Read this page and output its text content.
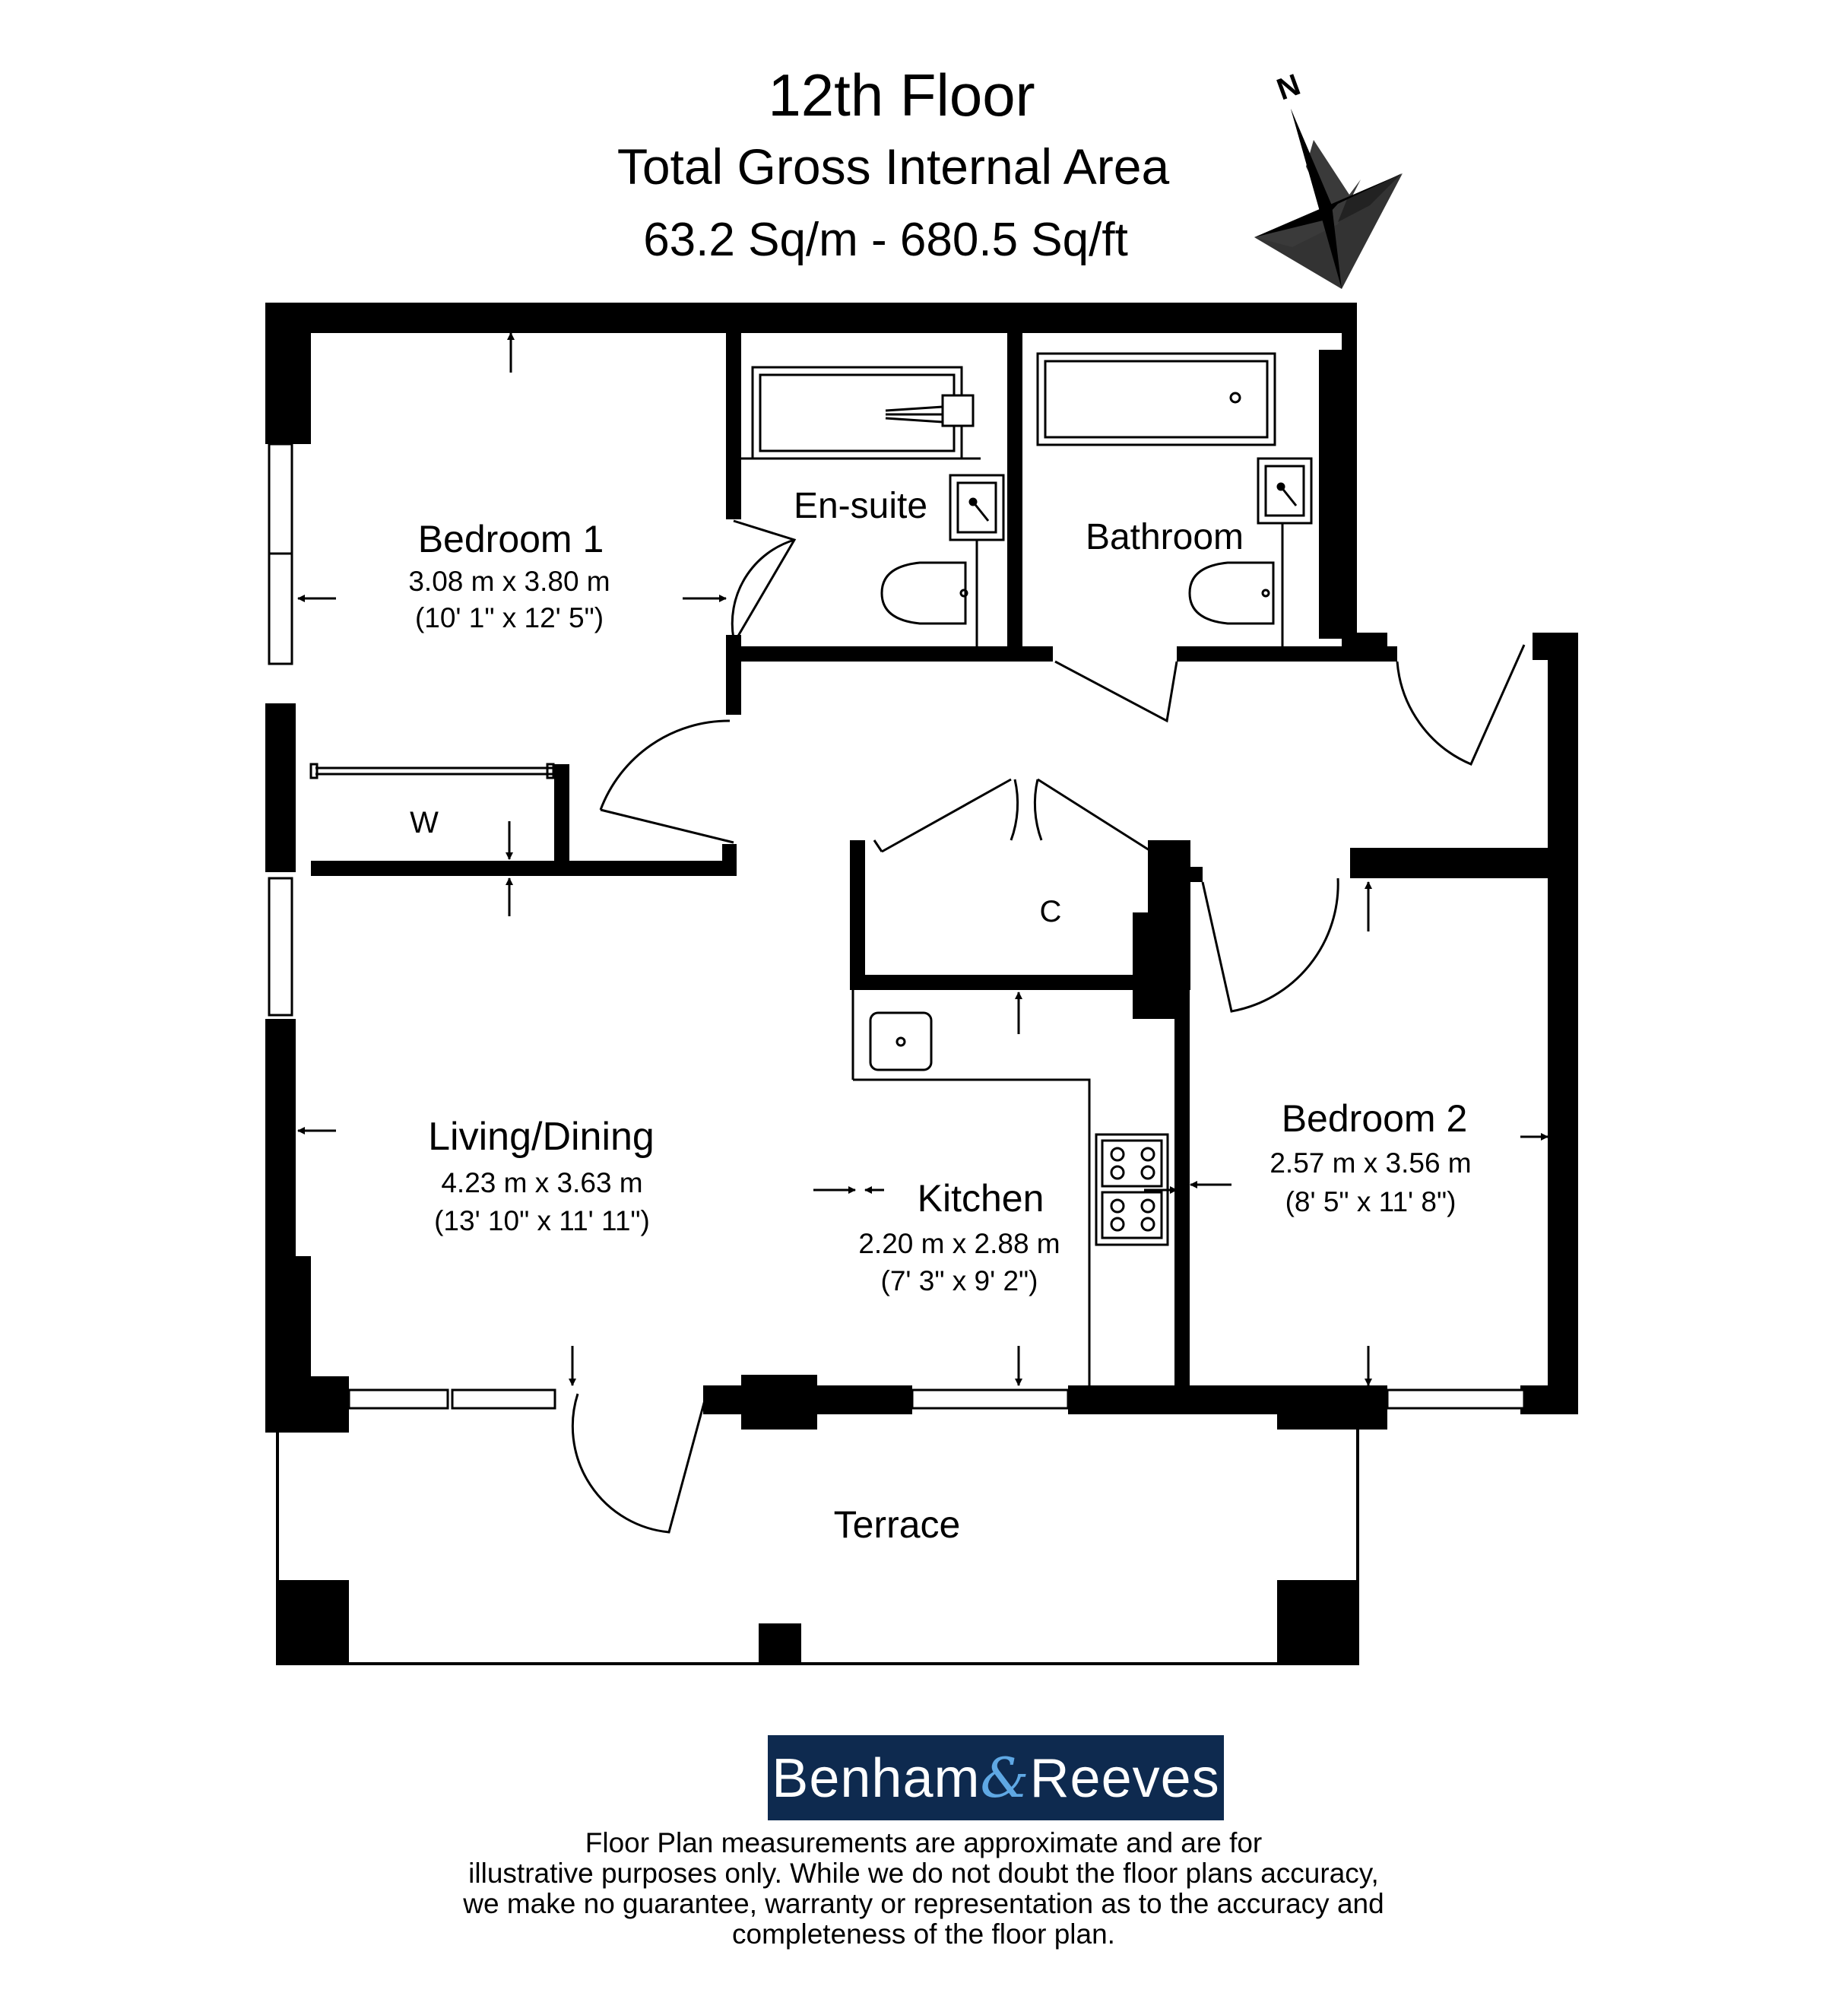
12th Floor
Total Gross Internal Area
63.2 Sq/m - 680.5 Sq/ft
N
Bedroom 1
3.08 m x 3.80 m
(10' 1" x 12' 5")
En-suite
Bathroom
W
C
Living/Dining
4.23 m x 3.63 m
(13' 10" x 11' 11")
Kitchen
2.20 m x 2.88 m
(7' 3" x 9' 2")
Bedroom 2
2.57 m x 3.56 m
(8' 5" x 11' 8")
Terrace
Benham&Reeves
Floor Plan measurements are approximate and are for
illustrative purposes only. While we do not doubt the floor plans accuracy,
we make no guarantee, warranty or representation as to the accuracy and
completeness of the floor plan.
